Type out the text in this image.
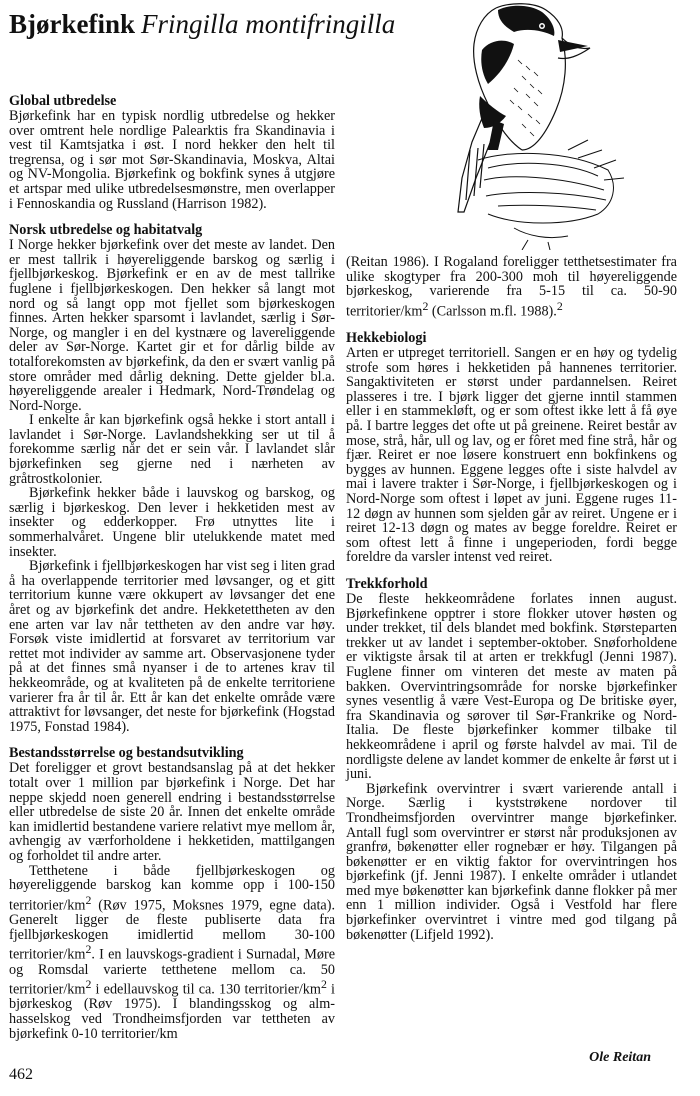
Bjørkefink Fringilla montifringilla
Global utbredelse

Bjørkefink har en typisk nordlig utbredelse og hekker over omtrent hele nordlige Palearktis fra Skandinavia i vest til Kamtsjatka i øst. I nord hekker den helt til tregrensa, og i sør mot Sør-Skandinavia, Moskva, Altai og NV-Mongolia. Bjørkefink og bokfink synes å utgjøre et artspar med ulike utbredelsesmønstre, men overlapper i Fennoskandia og Russland (Harrison 1982).

Norsk utbredelse og habitatvalg

I Norge hekker bjørkefink over det meste av landet. Den er mest tallrik i høyereliggende barskog og særlig i fjellbjørkeskog. Bjørkefink er en av de mest tallrike fuglene i fjellbjørkeskogen. Den hekker så langt mot nord og så langt opp mot fjellet som bjørkeskogen finnes. Arten hekker sparsomt i lavlandet, særlig i Sør-Norge, og mangler i en del kystnære og lavereliggende deler av Sør-Norge. Kartet gir et for dårlig bilde av totalforekomsten av bjørkefink, da den er svært vanlig på store områder med dårlig dekning. Dette gjelder bl.a. høyereliggende arealer i Hedmark, Nord-Trøndelag og Nord-Norge.

I enkelte år kan bjørkefink også hekke i stort antall i lavlandet i Sør-Norge. Lavlandshekking ser ut til å forekomme særlig når det er sein vår. I lavlandet slår bjørkefinken seg gjerne ned i nærheten av gråtrostkolonier.

Bjørkefink hekker både i lauvskog og barskog, og særlig i bjørkeskog. Den lever i hekketiden mest av insekter og edderkopper. Frø utnyttes lite i sommerhalvåret. Ungene blir utelukkende matet med insekter.

Bjørkefink i fjellbjørkeskogen har vist seg i liten grad å ha overlappende territorier med løvsanger, og et gitt territorium kunne være okkupert av løvsanger det ene året og av bjørkefink det andre. Hekketettheten av den ene arten var lav når tettheten av den andre var høy. Forsøk viste imidlertid at forsvaret av territorium var rettet mot individer av samme art. Observasjonene tyder på at det finnes små nyanser i de to artenes krav til hekkeområde, og at kvaliteten på de enkelte territoriene varierer fra år til år. Ett år kan det enkelte område være attraktivt for løvsanger, det neste for bjørkefink (Hogstad 1975, Fonstad 1984).

Bestandsstørrelse og bestandsutvikling

Det foreligger et grovt bestandsanslag på at det hekker totalt over 1 million par bjørkefink i Norge. Det har neppe skjedd noen generell endring i bestandsstørrelse eller utbredelse de siste 20 år. Innen det enkelte område kan imidlertid bestandene variere relativt mye mellom år, avhengig av værforholdene i hekketiden, mattilgangen og forholdet til andre arter.

Tetthetene i både fjellbjørkeskogen og høyereliggende barskog kan komme opp i 100-150 territorier/$km^2$ (Røv 1975, Moksnes 1979, egne data). Generelt ligger de fleste publiserte data fra fjellbjørkeskogen imidlertid mellom 30-100 territorier/$km^2$. I en lauvskogs-gradient i Surnadal, Møre og Romsdal varierte tetthetene mellom ca. 50 territorier/$km^2$ i edellauvskog til ca. 130 territorier/$km^2$ i bjørkeskog (Røv 1975). I blandingsskog og alm-hasselskog ved Trondheimsfjorden var tettheten av bjørkefink 0-10 territorier/km

(Reitan 1986). I Rogaland foreligger tetthetsestimater fra ulike skogtyper fra 200-300 moh til høyereliggende bjørkeskog, varierende fra 5-15 til ca. 50-90 territorier/$km^2$ (Carlsson m.fl. 1988).$^2$

Hekkebiologi

Arten er utpreget territoriell. Sangen er en høy og tydelig strofe som høres i hekketiden på hannenes territorier. Sangaktiviteten er størst under pardannelsen. Reiret plasseres i tre. I bjørk ligger det gjerne inntil stammen eller i en stammekløft, og er som oftest ikke lett å få øye på. I bartre legges det ofte ut på greinene. Reiret består av mose, strå, hår, ull og lav, og er fôret med fine strå, hår og fjær. Reiret er noe løsere konstruert enn bokfinkens og bygges av hunnen. Eggene legges ofte i siste halvdel av mai i lavere trakter i Sør-Norge, i fjellbjørkeskogen og i Nord-Norge som oftest i løpet av juni. Eggene ruges 11-12 døgn av hunnen som sjelden går av reiret. Ungene er i reiret 12-13 døgn og mates av begge foreldre. Reiret er som oftest lett å finne i ungeperioden, fordi begge foreldre da varsler intenst ved reiret.

Trekkforhold

De fleste hekkeområdene forlates innen august. Bjørkefinkene opptrer i store flokker utover høsten og under trekket, til dels blandet med bokfink. Størsteparten trekker ut av landet i september-oktober. Snøforholdene er viktigste årsak til at arten er trekkfugl (Jenni 1987). Fuglene finner om vinteren det meste av maten på bakken. Overvintringsområde for norske bjørkefinker synes vesentlig å være Vest-Europa og De britiske øyer, fra Skandinavia og sørover til Sør-Frankrike og Nord-Italia. De fleste bjørkefinker kommer tilbake til hekkeområdene i april og første halvdel av mai. Til de nordligste delene av landet kommer de enkelte år først ut i juni.

Bjørkefink overvintrer i svært varierende antall i Norge. Særlig i kyststrøkene nordover til Trondheimsfjorden overvintrer mange bjørkefinker. Antall fugl som overvintrer er størst når produksjonen av granfrø, bøkenøtter eller rognebær er høy. Tilgangen på bøkenøtter er en viktig faktor for overvintringen hos bjørkefink (jf. Jenni 1987). I enkelte områder i utlandet med mye bøkenøtter kan bjørkefink danne flokker på mer enn 1 million individer. Også i Vestfold har flere bjørkefinker overvintret i vintre med god tilgang på bøkenøtter (Lifjeld 1992).

Ole Reitan
462
